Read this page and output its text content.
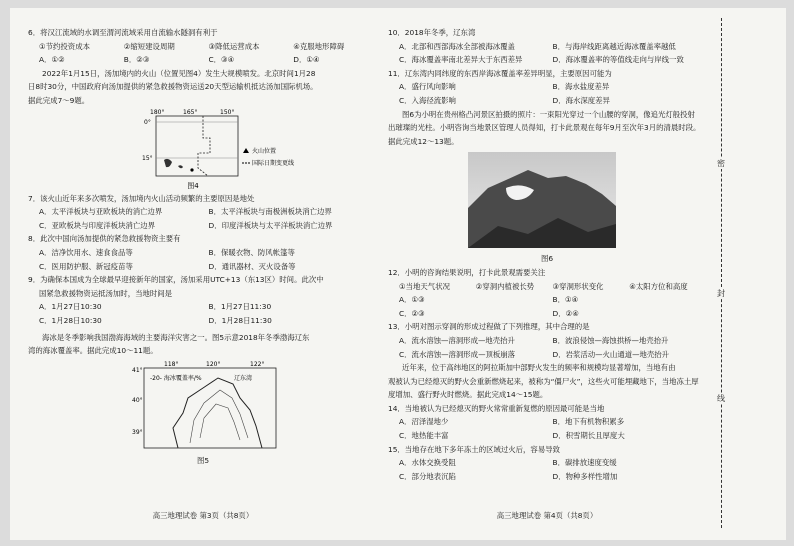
6．将汉江流域的水调至渭河流域采用自流输水隧洞有利于
①节约投资成本	②缩短建设周期	③降低运营成本	④克服地形障碍
A．①②	B．②③	C．③④	D．①④
2022年1月15日，汤加境内的火山（位置见图4）发生大规模喷发。北京时间1月28
日8时30分，中国政府向汤加提供的紧急救援物资运送20天型运输机抵达汤加国际机场。
据此完成7～9题。
180°	165°	150°
0°
15°
火山位置
国际日期变更线
图4
7．该火山近年来多次喷发，汤加境内火山活动频繁的主要原因是地处
A．太平洋板块与亚欧板块的消亡边界	B．太平洋板块与南极洲板块消亡边界
C．亚欧板块与印度洋板块消亡边界	D．印度洋板块与太平洋板块消亡边界
8．此次中国向汤加提供的紧急救援物资主要有
A．洁净饮用水、速食食品等	B．保暖衣物、防风帐篷等
C．医用防护服、新冠疫苗等	D．通讯器材、灭火设备等
9．为确保本国成为全球最早迎接新年的国家，汤加采用UTC+13（东13区）时间。此次中
国紧急救援物资运抵汤加时，当地时间是
A．1月27日10:30	B．1月27日11:30
C．1月28日10:30	D．1月28日11:30
海冰是冬季影响我国渤海海域的主要海洋灾害之一。图5示意2018年冬季渤海辽东
湾的海冰覆盖率。据此完成10～11题。
118°	120°	122°
41°
40°
39°
-20- 海冰覆盖率/%	辽东湾
图5
高三地理试卷 第3页（共8页）
10．2018年冬季，辽东湾
A．北部和西部海冰全部被海冰覆盖	B．与海岸线距离越近海冰覆盖率越低
C．海冰覆盖率南北差异大于东西差异	D．海冰覆盖率的等值线走向与岸线一致
11．辽东湾内同纬度的东西岸海冰覆盖率差异明显，主要原因可能为
A．盛行风向影响	B．海水盐度差异
C．入海径流影响	D．海水深度差异
图6为小明在贵州格凸河景区拍摄的照片：一束阳光穿过一个山腰的穿洞，像追光灯般投射
出璀璨的光柱。小明咨询当地景区管理人员得知，打卡此景观在每年9月至次年3月的清晨时段。
据此完成12～13题。
图6
12．小明的咨询结果说明，打卡此景观需要关注
①当地天气状况	②穿洞内植被长势	③穿洞形状变化	④太阳方位和高度
A．①③	B．①④
C．②③	D．②④
13．小明对图示穿洞的形成过程做了下列推理，其中合理的是
A．流水溶蚀—溶洞形成—地壳抬升	B．波浪侵蚀—海蚀拱桥—地壳抬升
C．流水溶蚀—溶洞形成—顶板崩落	D．岩浆活动—火山通道—地壳抬升
近年来，位于高纬地区的阿拉斯加中部野火发生的频率和规模均显著增加，当地有由
观被认为已经熄灭的野火会重新燃烧起来，被称为“僵尸火”，这些火可能埋藏地下，当地冻土厚
度增加、盛行野火时燃烧。据此完成14～15题。
14．当地被认为已经熄灭的野火常常重新复燃的原因最可能是当地
A．沼泽湿地少	B．地下有机物积累多
C．地热能丰富	D．积雪期长且厚度大
15．当地存在地下多年冻土的区域过火后，容易导致
A．水体交换受阻	B．碳排放速度变缓
C．部分地表沉陷	D．物种多样性增加
高三地理试卷 第4页（共8页）
密
封
线
